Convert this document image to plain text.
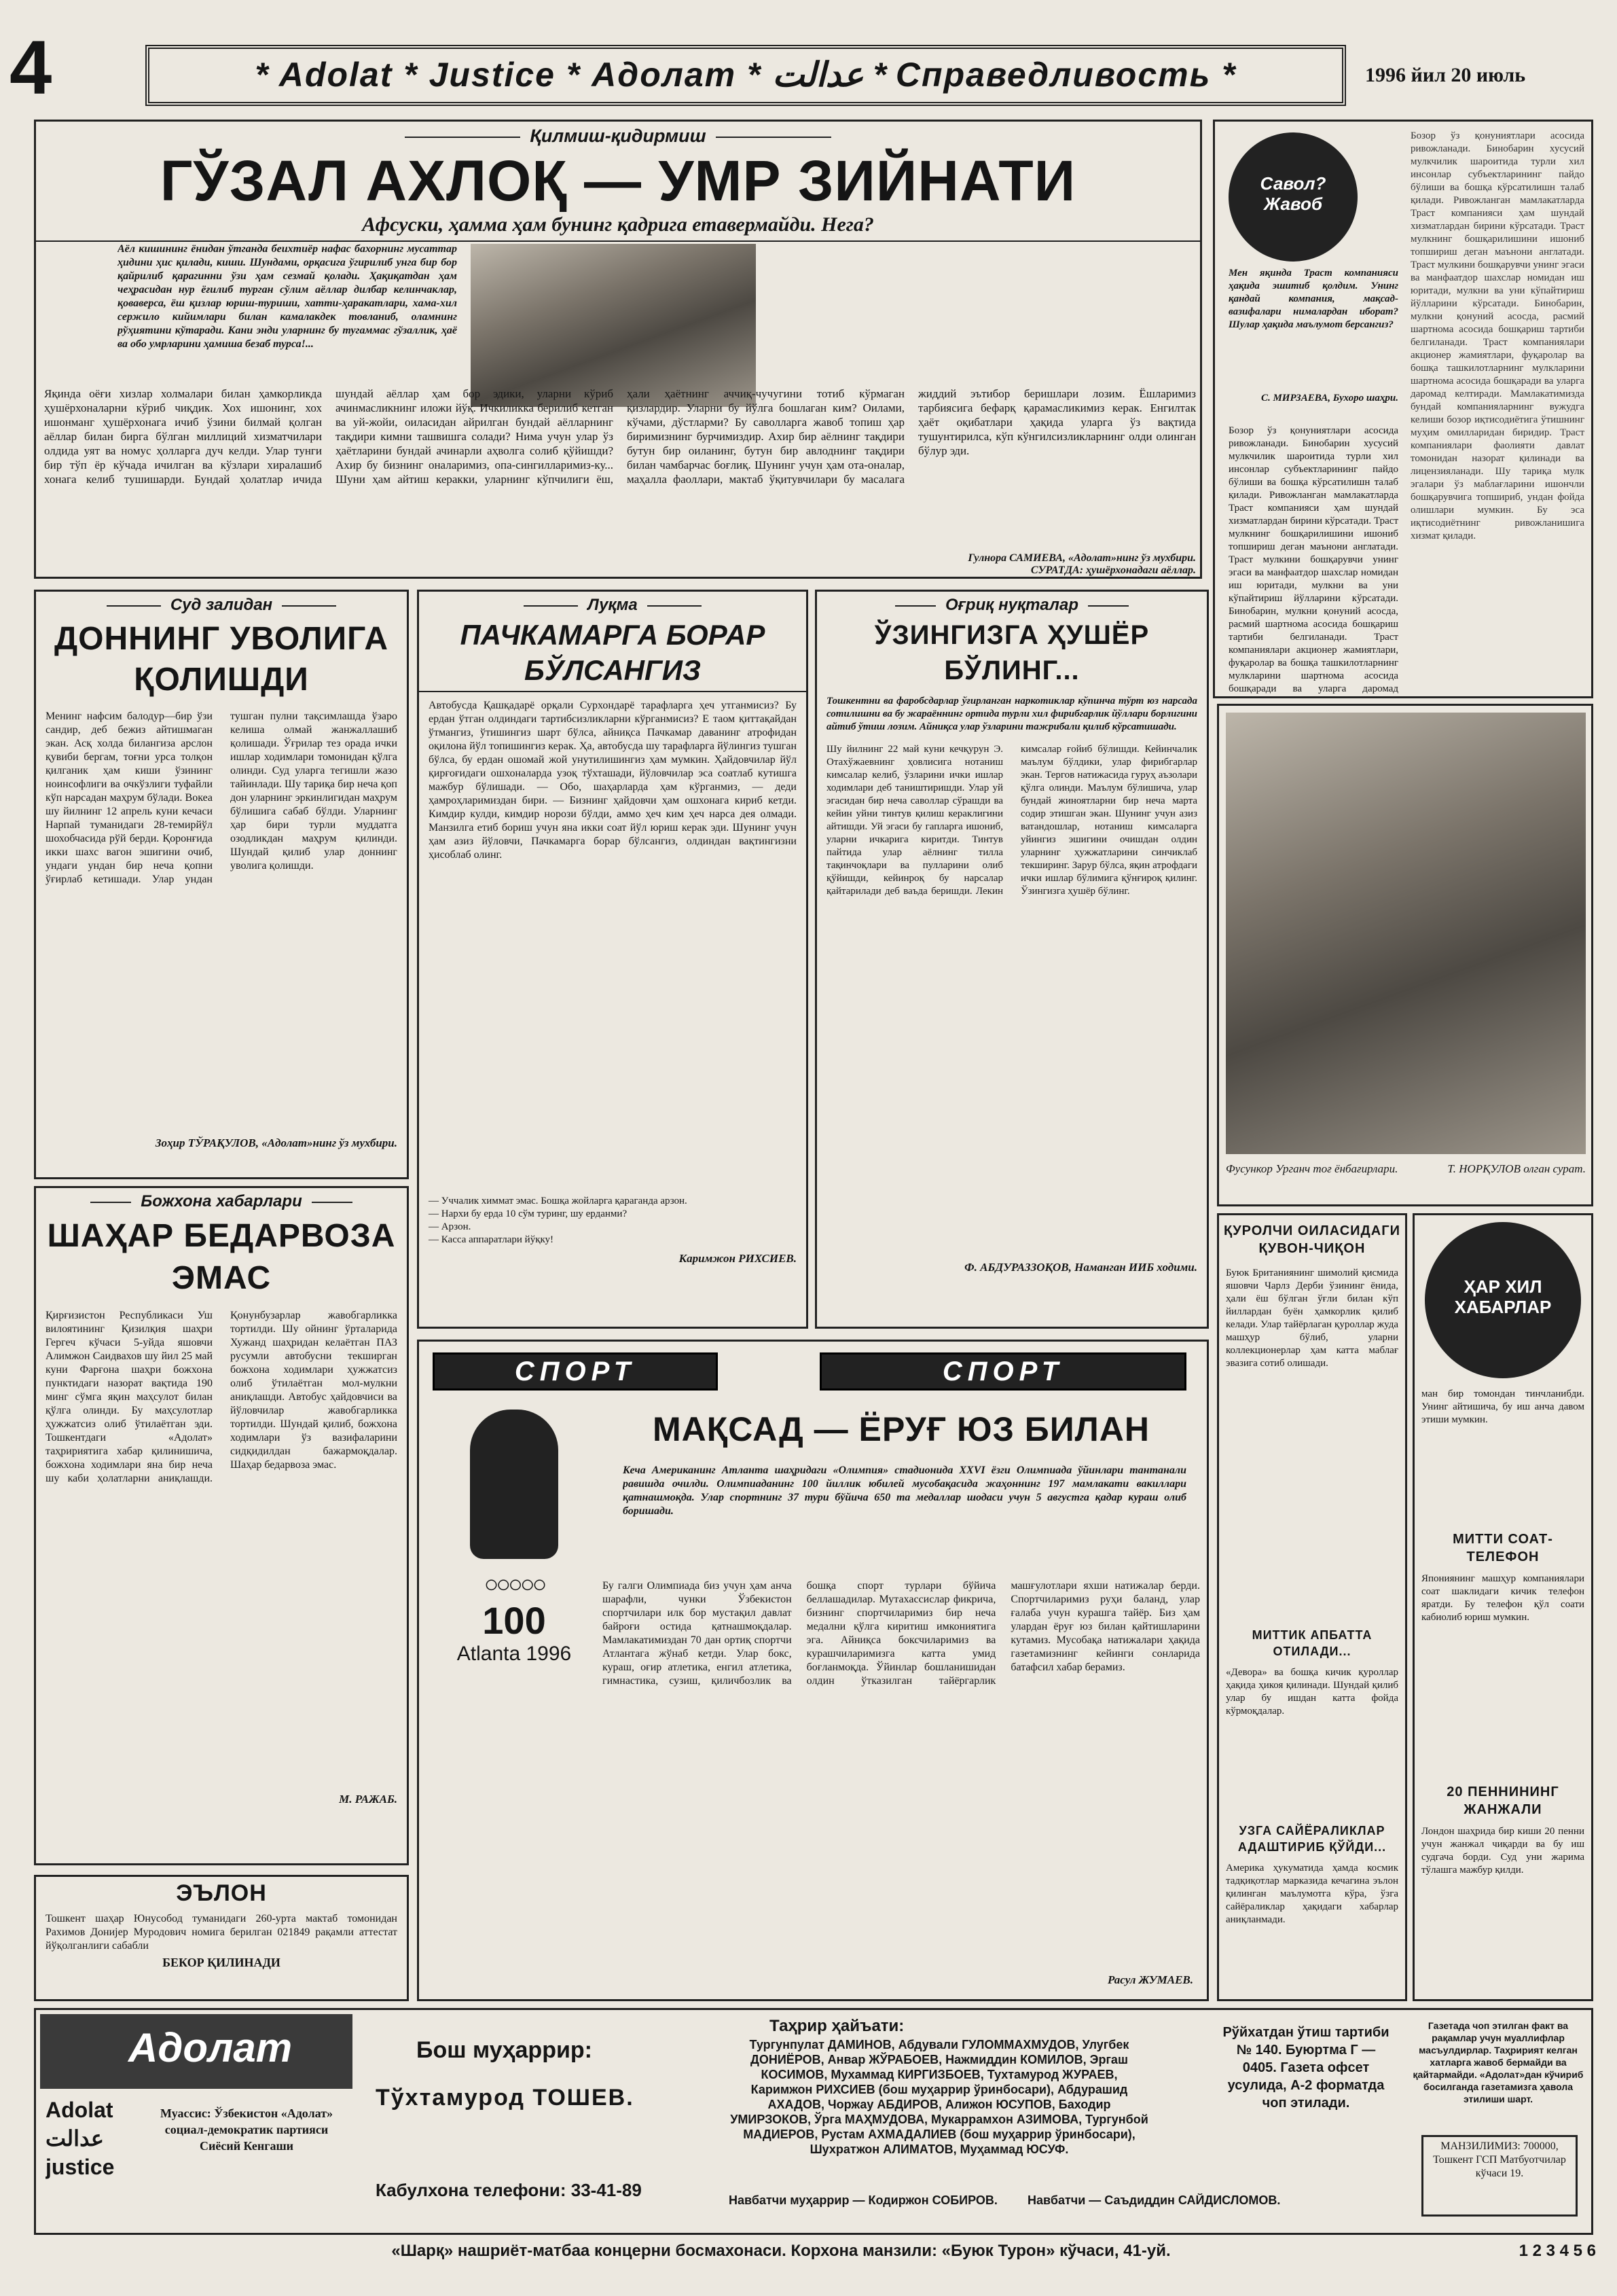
4	* Adolat * Justice * Адолат * عدالت * Справедливость *	1996 йил 20 июль
Қилмиш-қидирмиш
ГЎЗАЛ АХЛОҚ — УМР ЗИЙНАТИ
Афсуски, ҳамма ҳам бунинг қадрига етавермайди. Нега?
Аёл кишининг ёнидан ўтганда беихтиёр нафас бахорнинг мусаттар ҳидини ҳис қилади, киши. Шундами, орқасига ўгирилиб унга бир бор қайрилиб қарагинни ўзи ҳам сезмай қолади. Ҳақиқатдан ҳам чеҳрасидан нур ёғилиб турган сўлим аёллар дилбар келинчаклар, қоваверса, ёш қизлар юриш-туриши, хатти-ҳаракатлари, хама-хил сержило кийимлари билан камалакдек товланиб, оламнинг рўҳиятини кўтаради. Кани энди уларнинг бу тугаммас гўзаллик, ҳаё ва обо умрларини ҳамиша безаб турса!...
Яқинда оёғи хизлар холмалари билан ҳамкорликда ҳушёрхоналарни кўриб чиқдик. Хох ишонинг, хох ишонманг ҳушёрхонага ичиб ўзини билмай қолган аёллар билан бирга бўлган миллиций хизматчилари олдида уят ва номус ҳолларга дуч келди. Улар тунги бир тўп ёр кўчада ичилган ва кўзлари хиралашиб хонага келиб тушишарди. Бундай ҳолатлар ичида шундай аёллар ҳам бор эдики, уларни кўриб ачинмасликнинг иложи йўқ. Ичкиликка берилиб кетган ва уй-жойи, оиласидан айрилган бундай аёлларнинг тақдири кимни ташвишга солади? Нима учун улар ўз ҳаётларини бундай ачинарли аҳволга солиб қўйишди? Ахир бу бизнинг оналаримиз, опа-сингилларимиз-ку... Шуни ҳам айтиш керакки, уларнинг кўпчилиги ёш, ҳали ҳаётнинг аччиқ-чучугини тотиб кўрмаган қизлардир. Уларни бу йўлга бошлаган ким? Оилами, кўчами, дўстларми? Бу саволларга жавоб топиш ҳар биримизнинг бурчимиздир. Ахир бир аёлнинг тақдири бутун бир оиланинг, бутун бир авлоднинг тақдири билан чамбарчас боғлиқ. Шунинг учун ҳам ота-оналар, маҳалла фаоллари, мактаб ўқитувчилари бу масалага жиддий эътибор беришлари лозим. Ёшларимиз тарбиясига бефарқ қарамасликимиз керак. Енгилтак ҳаёт оқибатлари ҳақида уларга ўз вақтида тушунтирилса, кўп кўнгилсизликларнинг олди олинган бўлур эди.
Гулнора САМИЕВА, «Адолат»нинг ўз мухбири.
СУРАТДА: ҳушёрхонадаги аёллар.
Савол? Жавоб
Мен яқинда Траст компанияси ҳақида эшитиб қолдим. Унинг қандай компания, мақсад-вазифалари нималардан иборат? Шулар ҳақида маълумот берсангиз?
С. МИРЗАЕВА, Бухоро шаҳри.
Бозор ўз қонуниятлари асосида ривожланади. Бинобарин хусусий мулкчилик шароитида турли хил инсонлар субъектларининг пайдо бўлиши ва бошқа кўрсатилишн талаб қилади. Ривожланган мамлакатларда Траст компанияси ҳам шундай хизматлардан бирини кўрсатади. Траст мулкнинг бошқарилишини ишониб топшириш деган маънони англатади. Траст мулкини бошқарувчи унинг эгаси ва манфаатдор шахслар номидан иш юритади, мулкни ва уни кўпайтириш йўлларини кўрсатади. Бинобарин, мулкни қонуний асосда, расмий шартнома асосида бошқариш тартиби белгиланади. Траст компаниялари акционер жамиятлари, фуқаролар ва бошқа ташкилотларнинг мулкларини шартнома асосида бошқаради ва уларга даромад
Бозор ўз қонуниятлари асосида ривожланади. Бинобарин хусусий мулкчилик шароитида турли хил инсонлар субъектларининг пайдо бўлиши ва бошқа кўрсатилишн талаб қилади. Ривожланган мамлакатларда Траст компанияси ҳам шундай хизматлардан бирини кўрсатади. Траст мулкнинг бошқарилишини ишониб топшириш деган маънони англатади. Траст мулкини бошқарувчи унинг эгаси ва манфаатдор шахслар номидан иш юритади, мулкни ва уни кўпайтириш йўлларини кўрсатади. Бинобарин, мулкни қонуний асосда, расмий шартнома асосида бошқариш тартиби белгиланади. Траст компаниялари акционер жамиятлари, фуқаролар ва бошқа ташкилотларнинг мулкларини шартнома асосида бошқаради ва уларга даромад келтиради. Мамлакатимизда бундай компанияларнинг вужудга келиши бозор иқтисодиётига ўтишнинг муҳим омилларидан биридир. Траст компаниялари фаолияти давлат томонидан назорат қилинади ва лицензияланади. Шу тариқа мулк эгалари ўз маблағларини ишончли бошқарувчига топшириб, ундан фойда олишлари мумкин. Бу эса иқтисодиётнинг ривожланишига хизмат қилади.
Суд залидан
ДОННИНГ УВОЛИГА ҚОЛИШДИ
Менинг нафсим балодур—бир ўзи сандир, деб бежиз айтишмаган экан. Асқ холда билангиза арслон қувиби бергам, тоғни урса толқон қилганик ҳам киши ўзининг ноинсофлиги ва очкўзлиги туфайли кўп нарсадан маҳрум бўлади. Вокеа шу йилнинг 12 апрель куни кечаси Нарпай туманидаги 28-темирйўл шохобчасида рўй берди. Қоронғида икки шахс вагон эшигини очиб, ундаги ундан бир неча қопни ўғирлаб кетишади. Улар ундан тушган пулни тақсимлашда ўзаро келиша олмай жанжаллашиб қолишади. Ўғрилар тез орада ички ишлар ходимлари томонидан қўлга олинди. Суд уларга тегишли жазо тайинлади. Шу тариқа бир неча қоп дон уларнинг эркинлигидан маҳрум бўлишига сабаб бўлди. Уларнинг ҳар бири турли муддатга озодликдан маҳрум қилинди. Шундай қилиб улар доннинг уволига қолишди.
Зоҳир ТЎРАҚУЛОВ, «Адолат»нинг ўз мухбири.
Луқма
ПАЧКАМАРГА БОРАР БЎЛСАНГИЗ
Автобусда Қашқадарё орқали Сурхондарё тарафларга ҳеч утганмисиз? Бу ердан ўтган олдиндаги тартибсизликларни кўрганмисиз? Е таом қиттақайдан ўтмангиз, ўтишингиз шарт бўлса, айниқса Пачкамар даванинг атрофидан оқилона йўл топишингиз керак. Ҳа, автобусда шу тарафларга йўлингиз тушган бўлса, бу ердан ошомай жой унутилишингиз ҳам мумкин. Ҳайдовчилар йўл қирғоғидаги ошхоналарда узоқ тўхташади, йўловчилар эса соатлаб кутишга мажбур бўлишади. — Обо, шаҳарларда ҳам кўрганмиз, — деди ҳамроҳларимиздан бири. — Бизнинг ҳайдовчи ҳам ошхонага кириб кетди. Кимдир кулди, кимдир норози бўлди, аммо ҳеч ким ҳеч нарса дея олмади. Манзилга етиб бориш учун яна икки соат йўл юриш керак эди. Шунинг учун ҳам азиз йўловчи, Пачкамарга борар бўлсангиз, олдиндан вақтингизни ҳисоблаб олинг.
— Уччалик химмат эмас. Бошқа жойларга қараганда арзон.
— Нархи бу ерда 10 сўм туринг, шу ерданми?
— Арзон.
— Касса аппаратлари йўқку!
Каримжон РИХСИЕВ.
Оғриқ нуқталар
ЎЗИНГИЗГА ҲУШЁР БЎЛИНГ...
Тошкентни ва фаробсдарлар ўғирланган наркотиклар кўпинча тўрт юз нарсада сотилишни ва бу жараённинг ортида турли хил фирибгарлик йўллари борлигини айтиб ўтиш лозим. Айниқса улар ўзларини тажрибали қилиб кўрсатишади.
Шу йилнинг 22 май куни кечқурун Э. Отахўжаевнинг ҳовлисига нотаниш кимсалар келиб, ўзларини ички ишлар ходимлари деб таништиришди. Улар уй эгасидан бир неча саволлар сўрашди ва кейин уйни тинтув қилиш кераклигини айтишди. Уй эгаси бу гапларга ишониб, уларни ичкарига киритди. Тинтув пайтида улар аёлнинг тилла тақинчоқлари ва пулларини олиб қўйишди, кейинроқ бу нарсалар қайтарилади деб ваъда беришди. Лекин кимсалар ғойиб бўлишди. Кейинчалик маълум бўлдики, улар фирибгарлар экан. Тергов натижасида гуруҳ аъзолари қўлга олинди. Маълум бўлишича, улар бундай жиноятларни бир неча марта содир этишган экан. Шунинг учун азиз ватандошлар, нотаниш кимсаларга уйингиз эшигини очишдан олдин уларнинг ҳужжатларини синчиклаб текширинг. Зарур бўлса, яқин атрофдаги ички ишлар бўлимига қўнғироқ қилинг. Ўзингизга ҳушёр бўлинг.
Ф. АБДУРАЗЗОҚОВ, Наманган ИИБ ходими.
Фусункор Урганч тоғ ёнбағирлари.	Т. НОРҚУЛОВ олган сурат.
Божхона хабарлари
ШАҲАР БЕДАРВОЗА ЭМАС
Қирғизистон Республикаси Уш вилоятининг Қизилқия шаҳри Гергеч кўчаси 5-уйда яшовчи Алимжон Саидвахов шу йил 25 май куни Фарғона шаҳри божхона пунктидаги назорат вақтида 190 минг сўмга яқин маҳсулот билан қўлга олинди. Бу маҳсулотлар ҳужжатсиз олиб ўтилаётган эди. Тошкентдаги «Адолат» таҳририятига хабар қилинишича, божхона ходимлари яна бир неча шу каби ҳолатларни аниқлашди. Қонунбузарлар жавобгарликка тортилди. Шу ойнинг ўрталарида Хужанд шаҳридан келаётган ПАЗ русумли автобусни текширган божхона ходимлари ҳужжатсиз олиб ўтилаётган мол-мулкни аниқлашди. Автобус ҳайдовчиси ва йўловчилар жавобгарликка тортилди. Шундай қилиб, божхона ходимлари ўз вазифаларини сидқидилдан бажармоқдалар. Шаҳар бедарвоза эмас.
М. РАЖАБ.
ЭЪЛОН
Тошкент шаҳар Юнусобод туманидаги 260-урта мактаб томонидан Рахимов Донијер Муродович номига берилган 021849 рақамли аттестат йўқолганлиги сабабли
БЕКОР ҚИЛИНАДИ
СПОРТ	СПОРТ
○○○○○
100
Atlanta 1996
МАҚСАД — ЁРУҒ ЮЗ БИЛАН
Кеча Американинг Атланта шаҳридаги «Олимпия» стадионида XXVI ёзги Олимпиада ўйинлари тантанали равишда очилди. Олимпиаданинг 100 йиллик юбилей мусобақасида жаҳоннинг 197 мамлакати вакиллари қатнашмоқда. Улар спортнинг 37 тури бўйича 650 та медаллар шодаси учун 5 августга қадар кураш олиб боришади.
Бу галги Олимпиада биз учун ҳам анча шарафли, чунки Ўзбекистон спортчилари илк бор мустақил давлат байроғи остида қатнашмоқдалар. Мамлакатимиздан 70 дан ортиқ спортчи Атлантага жўнаб кетди. Улар бокс, кураш, оғир атлетика, енгил атлетика, гимнастика, сузиш, қиличбозлик ва бошқа спорт турлари бўйича беллашадилар. Мутахассислар фикрича, бизнинг спортчиларимиз бир неча медални қўлга киритиш имкониятига эга. Айниқса боксчиларимиз ва курашчиларимизга катта умид боғланмоқда. Ўйинлар бошланишидан олдин ўтказилган тайёргарлик машғулотлари яхши натижалар берди. Спортчиларимиз руҳи баланд, улар ғалаба учун курашга тайёр. Биз ҳам улардан ёруғ юз билан қайтишларини кутамиз. Мусобақа натижалари ҳақида газетамизнинг кейинги сонларида батафсил хабар берамиз.
Расул ЖУМАЕВ.
ҚУРОЛЧИ ОИЛАСИДАГИ ҚУВОН-ЧИҚОН
Буюк Британиянинг шимолий қисмида яшовчи Чарлз Дерби ўзининг ёнида, ҳали ёш бўлган ўғли билан кўп йиллардан буён ҳамкорлик қилиб келади. Улар тайёрлаган қуроллар жуда машҳур бўлиб, уларни коллекционерлар ҳам катта маблағ эвазига сотиб олишади.
МИТТИК АПБАТТА ОТИЛАДИ...
«Девора» ва бошқа кичик қуроллар ҳақида ҳикоя қилинади. Шундай қилиб улар бу ишдан катта фойда кўрмоқдалар.
УЗГА САЙЁРАЛИКЛАР АДАШТИРИБ ҚЎЙДИ...
Америка ҳукуматида ҳамда космик тадқиқотлар марказида кечагина эълон қилинган маълумотга кўра, ўзга сайёраликлар ҳақидаги хабарлар аниқланмади.
ҲАР ХИЛ ХАБАРЛАР
ман бир томондан тинчланибди. Унинг айтишича, бу иш анча давом этиши мумкин.
МИТТИ СОАТ-ТЕЛЕФОН
Япониянинг машҳур компаниялари соат шаклидаги кичик телефон яратди. Бу телефон қўл соати кабиолиб юриш мумкин.
20 ПЕННИНИНГ ЖАНЖАЛИ
Лондон шаҳрида бир киши 20 пенни учун жанжал чиқарди ва бу иш судгача борди. Суд уни жарима тўлашга мажбур қилди.
Адолат
Adolat عدالت justice
Муассис: Ўзбекистон «Адолат» социал-демократик партияси Сиёсий Кенгаши
Бош муҳаррир:
Тўхтамурод ТОШЕВ.
Кабулхона телефони: 33-41-89
Таҳрир ҳайъати:
Тургунпулат ДАМИНОВ, Абдували ГУЛОММАХМУДОВ, Улугбек ДОНИЁРОВ, Анвар ЖЎРАБОЕВ, Нажмиддин КОМИЛОВ, Эргаш КОСИМОВ, Мухаммад КИРГИЗБОЕВ, Тухтамурод ЖУРАЕВ, Каримжон РИХСИЕВ (бош муҳаррир ўринбосари), Абдурашид АХАДОВ, Чоржау АБДИРОВ, Алижон ЮСУПОВ, Баходир УМИРЗОКОВ, Ўрга МАҲМУДОВА, Мукаррамхон АЗИМОВА, Тургунбой МАДИЕРОВ, Рустам АХМАДАЛИЕВ (бош муҳаррир ўринбосари), Шухратжон АЛИМАТОВ, Муҳаммад ЮСУФ.
Навбатчи муҳаррир — Кодиржон СОБИРОВ.	Навбатчи — Саъдиддин САЙДИСЛОМОВ.
Рўйхатдан ўтиш тартиби № 140. Буюртма Г — 0405. Газета офсет усулида, А-2 форматда чоп этилади.
Газетада чоп этилган факт ва рақамлар учун муаллифлар масъулдирлар. Таҳририят келган хатларга жавоб бермайди ва қайтармайди. «Адолат»дан кўчириб босилганда газетамизга ҳавола этилиши шарт.
МАНЗИЛИМИЗ: 700000, Тошкент ГСП Матбуотчилар кўчаси 19.
«Шарқ» нашриёт-матбаа концерни босмахонаси. Корхона манзили: «Буюк Турон» кўчаси, 41-уй.	1 2 3 4 5 6
